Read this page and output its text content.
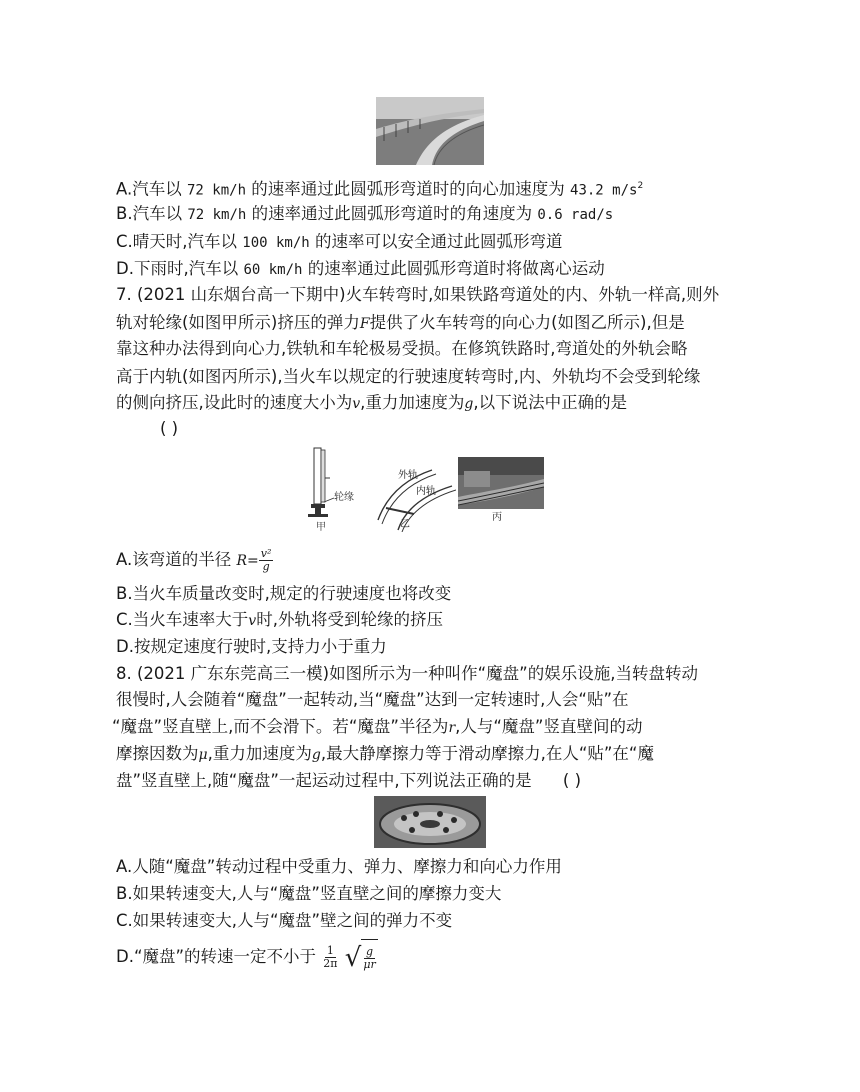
A.汽车以 72 km/h 的速率通过此圆弧形弯道时的向心加速度为 43.2 $m/s^2$
B.汽车以 72 km/h 的速率通过此圆弧形弯道时的角速度为 0.6 rad/s
C.晴天时,汽车以 100 km/h 的速率可以安全通过此圆弧形弯道
D.下雨时,汽车以 60 km/h 的速率通过此圆弧形弯道时将做离心运动
7. (2021 山东烟台高一下期中)火车转弯时,如果铁路弯道处的内、外轨一样高,则外
轨对轮缘(如图甲所示)挤压的弹力F提供了火车转弯的向心力(如图乙所示),但是
靠这种办法得到向心力,铁轨和车轮极易受损。在修筑铁路时,弯道处的外轨会略
高于内轨(如图丙所示),当火车以规定的行驶速度转弯时,内、外轨均不会受到轮缘
的侧向挤压,设此时的速度大小为v,重力加速度为g,以下说法中正确的是
( )
轮缘
甲	乙
外轨
内轨
丙
A.该弯道的半径 $R= \frac{\text{v²}}{g}$
B.当火车质量改变时,规定的行驶速度也将改变
C.当火车速率大于v时,外轨将受到轮缘的挤压
D.按规定速度行驶时,支持力小于重力
8. (2021 广东东莞高三一模)如图所示为一种叫作“魔盘”的娱乐设施,当转盘转动
很慢时,人会随着“魔盘”一起转动,当“魔盘”达到一定转速时,人会“贴”在
“魔盘”竖直壁上,而不会滑下。若“魔盘”半径为r,人与“魔盘”竖直壁间的动
摩擦因数为μ,重力加速度为g,最大静摩擦力等于滑动摩擦力,在人“贴”在“魔
盘”竖直壁上,随“魔盘”一起运动过程中,下列说法正确的是 ( )
A.人随“魔盘”转动过程中受重力、弹力、摩擦力和向心力作用
B.如果转速变大,人与“魔盘”竖直壁之间的摩擦力变大
C.如果转速变大,人与“魔盘”壁之间的弹力不变
D.“魔盘”的转速一定不小于 $\frac{1}{2\pi}$
√ $\frac{g}{\mu r}$
